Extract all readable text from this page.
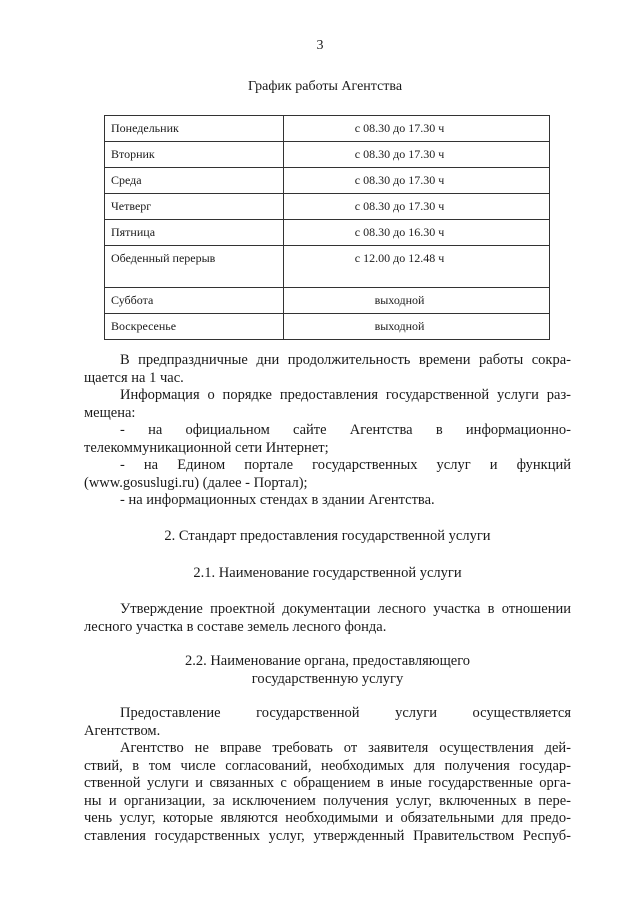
3
График работы Агентства
Понедельник	с 08.30 до 17.30 ч
Вторник	с 08.30 до 17.30 ч
Среда	с 08.30 до 17.30 ч
Четверг	с 08.30 до 17.30 ч
Пятница	с 08.30 до 16.30 ч
Обеденный перерыв	с 12.00 до 12.48 ч
Суббота	выходной
Воскресенье	выходной

В предпраздничные дни продолжительность времени работы сокра-

щается на 1 час.

Информация о порядке предоставления государственной услуги раз-

мещена:

-    на    официальном    сайте    Агентства    в    информационно-

телекоммуникационной сети Интернет;

-  на  Едином  портале  государственных  услуг  и  функций

(www.gosuslugi.ru) (далее - Портал);

- на информационных стендах в здании Агентства.

2. Стандарт предоставления государственной услуги
2.1. Наименование государственной услуги

Утверждение проектной документации лесного участка в отношении

лесного участка в составе земель лесного фонда.

2.2. Наименование органа, предоставляющего
государственную услугу

Предоставление    государственной    услуги    осуществляется

Агентством.

Агентство не вправе требовать от заявителя осуществления дей-

ствий, в том числе согласований, необходимых для получения государ-

ственной услуги и связанных с обращением в иные государственные орга-

ны и организации, за исключением получения услуг, включенных в пере-

чень услуг, которые являются необходимыми и обязательными для предо-

ставления государственных услуг, утвержденный Правительством Респуб-
